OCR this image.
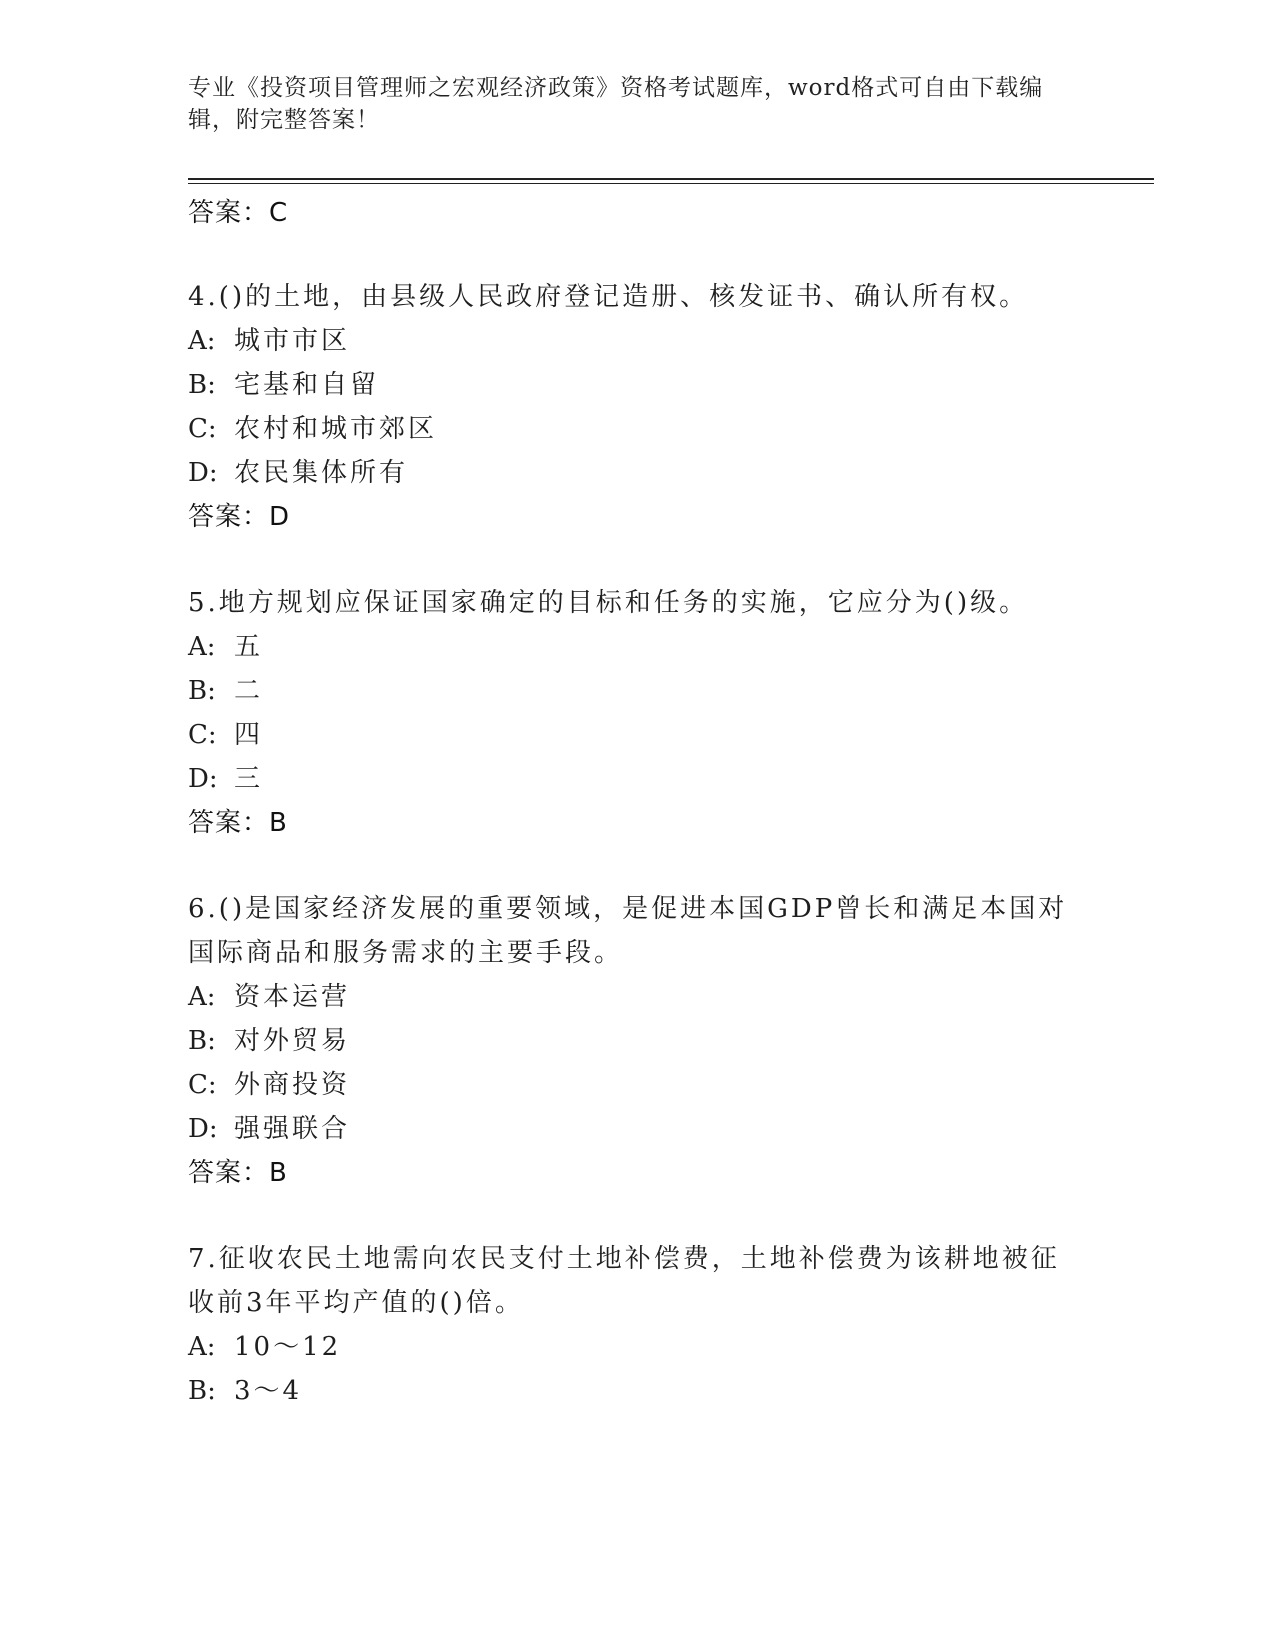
专业《投资项目管理师之宏观经济政策》资格考试题库，word格式可自由下载编
辑，附完整答案！
答案：C
4.()的土地，由县级人民政府登记造册、核发证书、确认所有权。
A: 城市市区
B: 宅基和自留
C: 农村和城市郊区
D: 农民集体所有
答案：D
5.地方规划应保证国家确定的目标和任务的实施，它应分为()级。
A: 五
B: 二
C: 四
D: 三
答案：B
6.()是国家经济发展的重要领域，是促进本国GDP曾长和满足本国对
国际商品和服务需求的主要手段。
A: 资本运营
B: 对外贸易
C: 外商投资
D: 强强联合
答案：B
7.征收农民土地需向农民支付土地补偿费，土地补偿费为该耕地被征
收前3年平均产值的()倍。
A: 10～12
B: 3～4
